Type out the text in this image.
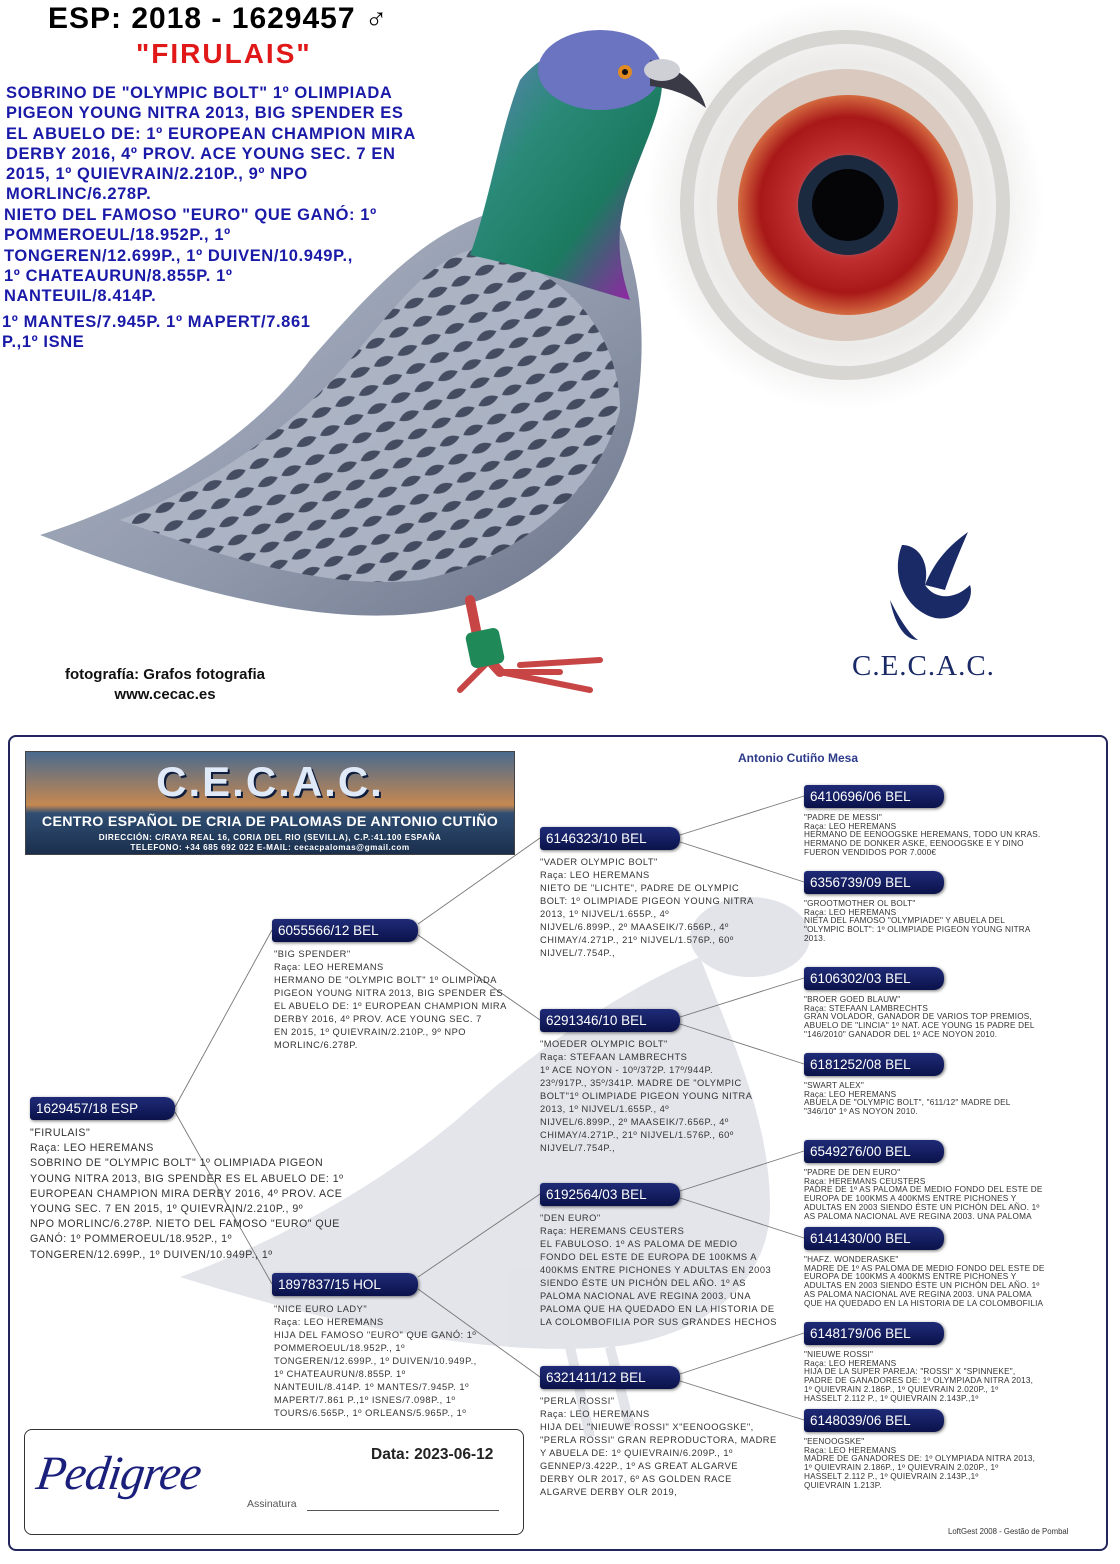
ESP: 2018 - 1629457 ♂
"FIRULAIS"
SOBRINO DE "OLYMPIC BOLT" 1º OLIMPIADA
PIGEON YOUNG NITRA 2013, BIG SPENDER ES
EL ABUELO DE: 1º EUROPEAN CHAMPION MIRA
DERBY 2016, 4º PROV. ACE YOUNG SEC. 7 EN
2015, 1º QUIEVRAIN/2.210P., 9º NPO
MORLINC/6.278P.
NIETO DEL FAMOSO "EURO" QUE GANÓ: 1º
POMMEROEUL/18.952P., 1º
TONGEREN/12.699P., 1º DUIVEN/10.949P.,
1º CHATEAURUN/8.855P. 1º
NANTEUIL/8.414P.
1º MANTES/7.945P. 1º MAPERT/7.861
P.,1º ISNE
fotografía: Grafos fotografia
www.cecac.es
C.E.C.A.C.
C.E.C.A.C.
CENTRO ESPAÑOL DE CRIA DE PALOMAS DE ANTONIO CUTIÑO
DIRECCIÓN: C/RAYA REAL 16, CORIA DEL RIO (SEVILLA), C.P.:41.100 ESPAÑA
TELEFONO: +34 685 692 022 E-MAIL: cecacpalomas@gmail.com
Antonio Cutiño Mesa
1629457/18 ESP
"FIRULAIS"
Raça: LEO HEREMANS
SOBRINO DE "OLYMPIC BOLT" 1º OLIMPIADA PIGEON
YOUNG NITRA 2013, BIG SPENDER ES EL ABUELO DE: 1º
EUROPEAN CHAMPION MIRA DERBY 2016, 4º PROV. ACE
YOUNG SEC. 7 EN 2015, 1º QUIEVRAIN/2.210P., 9º
NPO MORLINC/6.278P. NIETO DEL FAMOSO "EURO" QUE
GANÓ: 1º POMMEROEUL/18.952P., 1º
TONGEREN/12.699P., 1º DUIVEN/10.949P., 1º
6055566/12 BEL
"BIG SPENDER"
Raça: LEO HEREMANS
HERMANO DE "OLYMPIC BOLT" 1º OLIMPIADA
PIGEON YOUNG NITRA 2013, BIG SPENDER ES
EL ABUELO DE: 1º EUROPEAN CHAMPION MIRA
DERBY 2016, 4º PROV. ACE YOUNG SEC. 7
EN 2015, 1º QUIEVRAIN/2.210P., 9º NPO
MORLINC/6.278P.
1897837/15 HOL
"NICE EURO LADY"
Raça: LEO HEREMANS
HIJA DEL FAMOSO "EURO" QUE GANÓ: 1º
POMMEROEUL/18.952P., 1º
TONGEREN/12.699P., 1º DUIVEN/10.949P.,
1º CHATEAURUN/8.855P. 1º
NANTEUIL/8.414P. 1º MANTES/7.945P. 1º
MAPERT/7.861 P.,1º ISNES/7.098P., 1º
TOURS/6.565P., 1º ORLEANS/5.965P., 1º
6146323/10 BEL
"VADER OLYMPIC BOLT"
Raça: LEO HEREMANS
NIETO DE "LICHTE", PADRE DE OLYMPIC
BOLT: 1º OLIMPIADE PIGEON YOUNG NITRA
2013, 1º NIJVEL/1.655P., 4º
NIJVEL/6.899P., 2º MAASEIK/7.656P., 4º
CHIMAY/4.271P., 21º NIJVEL/1.576P., 60º
NIJVEL/7.754P.,
6291346/10 BEL
"MOEDER OLYMPIC BOLT"
Raça: STEFAAN LAMBRECHTS
1º ACE NOYON - 10º/372P. 17º/944P.
23º/917P., 35º/341P. MADRE DE "OLYMPIC
BOLT"1º OLIMPIADE PIGEON YOUNG NITRA
2013, 1º NIJVEL/1.655P., 4º
NIJVEL/6.899P., 2º MAASEIK/7.656P., 4º
CHIMAY/4.271P., 21º NIJVEL/1.576P., 60º
NIJVEL/7.754P.,
6192564/03 BEL
"DEN EURO"
Raça: HEREMANS CEUSTERS
EL FABULOSO. 1º AS PALOMA DE MEDIO
FONDO DEL ESTE DE EUROPA DE 100KMS A
400KMS ENTRE PICHONES Y ADULTAS EN 2003
SIENDO ÉSTE UN PICHÓN DEL AÑO. 1º AS
PALOMA NACIONAL AVE REGINA 2003. UNA
PALOMA QUE HA QUEDADO EN LA HISTORIA DE
LA COLOMBOFILIA POR SUS GRANDES HECHOS
6321411/12 BEL
"PERLA ROSSI"
Raça: LEO HEREMANS
HIJA DEL "NIEUWE ROSSI" X"EENOOGSKE",
"PERLA ROSSI" GRAN REPRODUCTORA, MADRE
Y ABUELA DE: 1º QUIEVRAIN/6.209P., 1º
GENNEP/3.422P., 1º AS GREAT ALGARVE
DERBY OLR 2017, 6º AS GOLDEN RACE
ALGARVE DERBY OLR 2019,
6410696/06 BEL
"PADRE DE MESSI"
Raça: LEO HEREMANS
HERMANO DE EENOOGSKE HEREMANS, TODO UN KRAS.
HERMANO DE DONKER ASKE, EENOOGSKE E Y DINO
FUERON VENDIDOS POR 7.000€
6356739/09 BEL
"GROOTMOTHER OL BOLT"
Raça: LEO HEREMANS
NIETA DEL FAMOSO "OLYMPIADE" Y ABUELA DEL
"OLYMPIC BOLT": 1º OLIMPIADE PIGEON YOUNG NITRA
2013.
6106302/03 BEL
"BROER GOED BLAUW"
Raça: STEFAAN LAMBRECHTS
GRAN VOLADOR, GANADOR DE VARIOS TOP PREMIOS,
ABUELO DE "LINCIA" 1º NAT. ACE YOUNG 15 PADRE DEL
"146/2010" GANADOR DEL 1º ACE NOYON 2010.
6181252/08 BEL
"SWART ALEX"
Raça: LEO HEREMANS
ABUELA DE "OLYMPIC BOLT", "611/12" MADRE DEL
"346/10" 1º AS NOYON 2010.
6549276/00 BEL
"PADRE DE DEN EURO"
Raça: HEREMANS CEUSTERS
PADRE DE 1º AS PALOMA DE MEDIO FONDO DEL ESTE DE
EUROPA DE 100KMS A 400KMS ENTRE PICHONES Y
ADULTAS EN 2003 SIENDO ÉSTE UN PICHÓN DEL AÑO. 1º
AS PALOMA NACIONAL AVE REGINA 2003. UNA PALOMA
6141430/00 BEL
"HAFZ. WONDERASKE"
MADRE DE 1º AS PALOMA DE MEDIO FONDO DEL ESTE DE
EUROPA DE 100KMS A 400KMS ENTRE PICHONES Y
ADULTAS EN 2003 SIENDO ÉSTE UN PICHÓN DEL AÑO. 1º
AS PALOMA NACIONAL AVE REGINA 2003. UNA PALOMA
QUE HA QUEDADO EN LA HISTORIA DE LA COLOMBOFILIA
6148179/06 BEL
"NIEUWE ROSSI"
Raça: LEO HEREMANS
HIJA DE LA SUPER PAREJA: "ROSSI" X "SPINNEKE",
PADRE DE GANADORES DE: 1º OLYMPIADA NITRA 2013,
1º QUIEVRAIN 2.186P., 1º QUIEVRAIN 2.020P., 1º
HASSELT 2.112 P., 1º QUIEVRAIN 2.143P.,1º
6148039/06 BEL
"EENOOGSKE"
Raça: LEO HEREMANS
MADRE DE GANADORES DE: 1º OLYMPIADA NITRA 2013,
1º QUIEVRAIN 2.186P., 1º QUIEVRAIN 2.020P., 1º
HASSELT 2.112 P., 1º QUIEVRAIN 2.143P.,1º
QUIEVRAIN 1.213P.
Pedigree	Data: 2023-06-12
Assinatura
LoftGest 2008 - Gestão de Pombal
